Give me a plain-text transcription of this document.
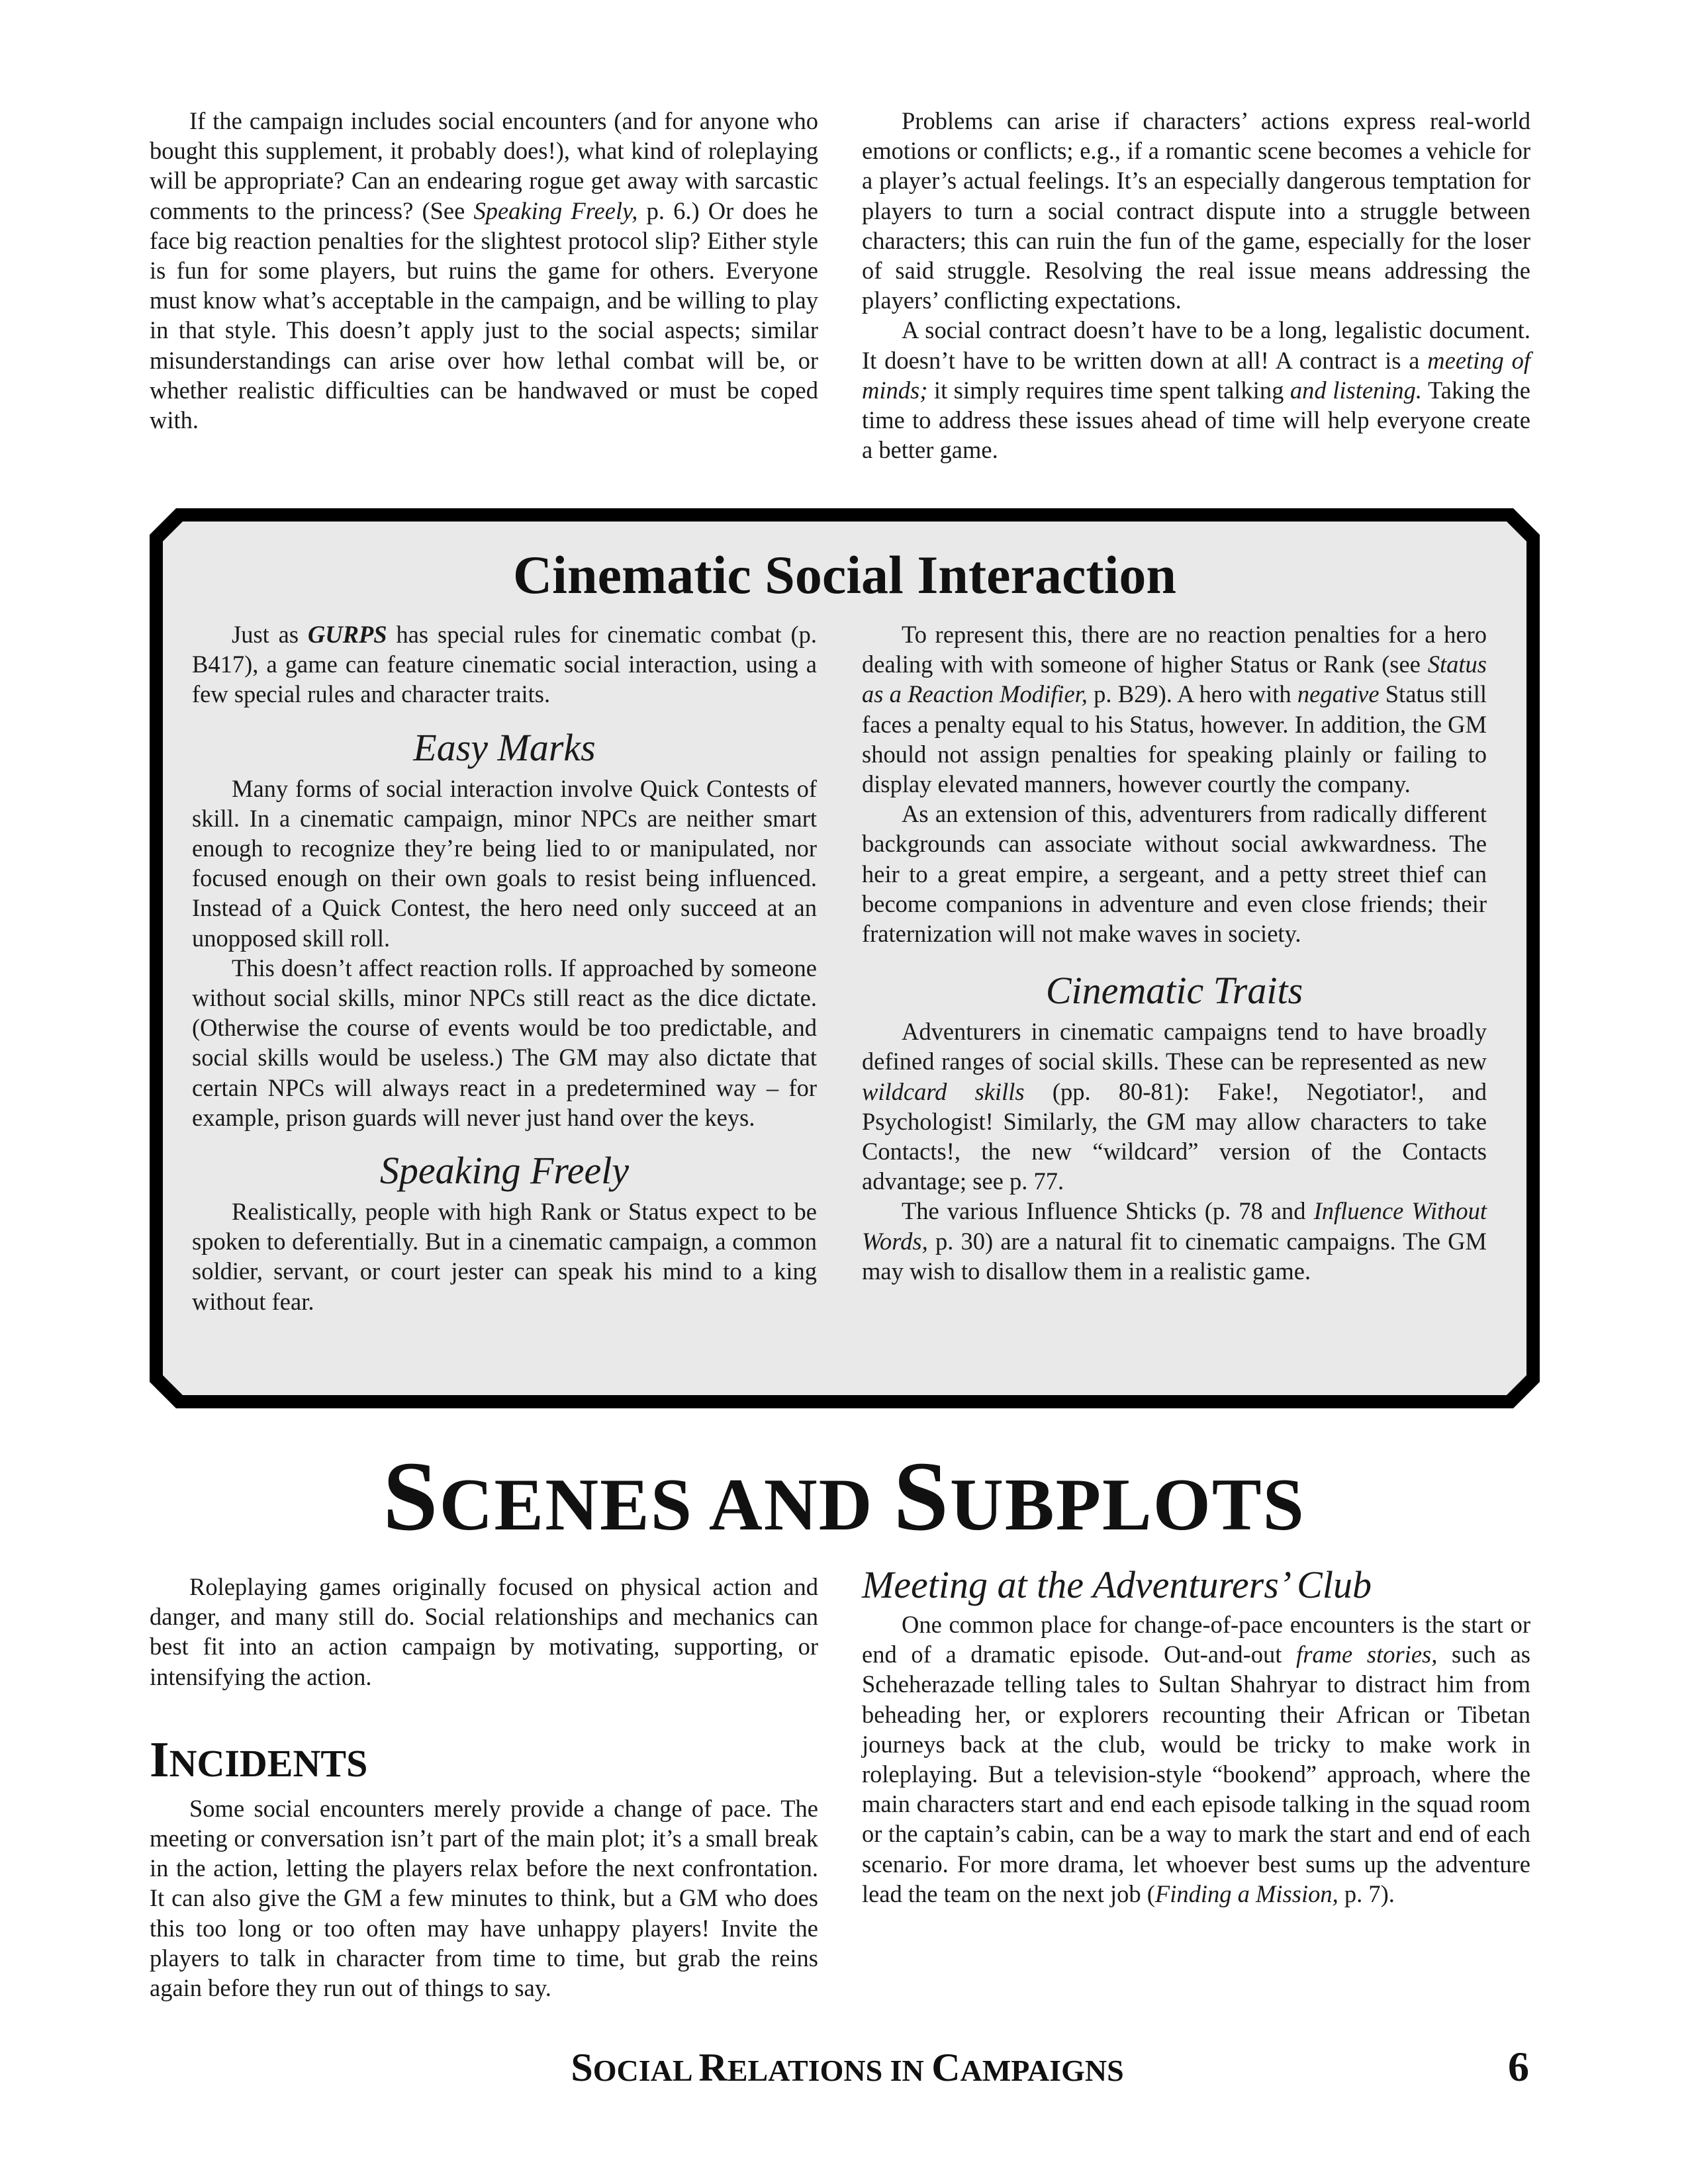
If the campaign includes social encounters (and for anyone who bought this supplement, it probably does!), what kind of roleplaying will be appropriate? Can an endearing rogue get away with sarcastic comments to the princess? (See Speaking Freely, p. 6.) Or does he face big reaction penalties for the slightest protocol slip? Either style is fun for some players, but ruins the game for others. Everyone must know what’s acceptable in the campaign, and be willing to play in that style. This doesn’t apply just to the social aspects; similar misunderstandings can arise over how lethal combat will be, or whether realistic difficulties can be handwaved or must be coped with.

Problems can arise if characters’ actions express real-world emotions or conflicts; e.g., if a romantic scene becomes a vehicle for a player’s actual feelings. It’s an especially dangerous temptation for players to turn a social contract dispute into a struggle between characters; this can ruin the fun of the game, especially for the loser of said struggle. Resolving the real issue means addressing the players’ conflicting expectations.

A social contract doesn’t have to be a long, legalistic document. It doesn’t have to be written down at all! A contract is a meeting of minds; it simply requires time spent talking and listening. Taking the time to address these issues ahead of time will help everyone create a better game.

Cinematic Social Interaction

Just as GURPS has special rules for cinematic combat (p. B417), a game can feature cinematic social interaction, using a few special rules and character traits.

Easy Marks

Many forms of social interaction involve Quick Contests of skill. In a cinematic campaign, minor NPCs are neither smart enough to recognize they’re being lied to or manipulated, nor focused enough on their own goals to resist being influenced. Instead of a Quick Contest, the hero need only succeed at an unopposed skill roll.

This doesn’t affect reaction rolls. If approached by someone without social skills, minor NPCs still react as the dice dictate. (Otherwise the course of events would be too predictable, and social skills would be useless.) The GM may also dictate that certain NPCs will always react in a predetermined way – for example, prison guards will never just hand over the keys.

Speaking Freely

Realistically, people with high Rank or Status expect to be spoken to deferentially. But in a cinematic campaign, a common soldier, servant, or court jester can speak his mind to a king without fear.

To represent this, there are no reaction penalties for a hero dealing with with someone of higher Status or Rank (see Status as a Reaction Modifier, p. B29). A hero with negative Status still faces a penalty equal to his Status, however. In addition, the GM should not assign penalties for speaking plainly or failing to display elevated manners, however courtly the company.

As an extension of this, adventurers from radically different backgrounds can associate without social awkwardness. The heir to a great empire, a sergeant, and a petty street thief can become companions in adventure and even close friends; their fraternization will not make waves in society.

Cinematic Traits

Adventurers in cinematic campaigns tend to have broadly defined ranges of social skills. These can be represented as new wildcard skills (pp. 80-81): Fake!, Negotiator!, and Psychologist! Similarly, the GM may allow characters to take Contacts!, the new “wildcard” version of the Contacts advantage; see p. 77.

The various Influence Shticks (p. 78 and Influence Without Words, p. 30) are a natural fit to cinematic campaigns. The GM may wish to disallow them in a realistic game.

SCENES AND SUBPLOTS

Roleplaying games originally focused on physical action and danger, and many still do. Social relationships and mechanics can best fit into an action campaign by motivating, supporting, or intensifying the action.

INCIDENTS

Some social encounters merely provide a change of pace. The meeting or conversation isn’t part of the main plot; it’s a small break in the action, letting the players relax before the next confrontation. It can also give the GM a few minutes to think, but a GM who does this too long or too often may have unhappy players! Invite the players to talk in character from time to time, but grab the reins again before they run out of things to say.

Meeting at the Adventurers’ Club

One common place for change-of-pace encounters is the start or end of a dramatic episode. Out-and-out frame stories, such as Scheherazade telling tales to Sultan Shahryar to distract him from beheading her, or explorers recounting their African or Tibetan journeys back at the club, would be tricky to make work in roleplaying. But a television-style “bookend” approach, where the main characters start and end each episode talking in the squad room or the captain’s cabin, can be a way to mark the start and end of each scenario. For more drama, let whoever best sums up the adventure lead the team on the next job (Finding a Mission, p. 7).

SOCIAL RELATIONS IN CAMPAIGNS	6
